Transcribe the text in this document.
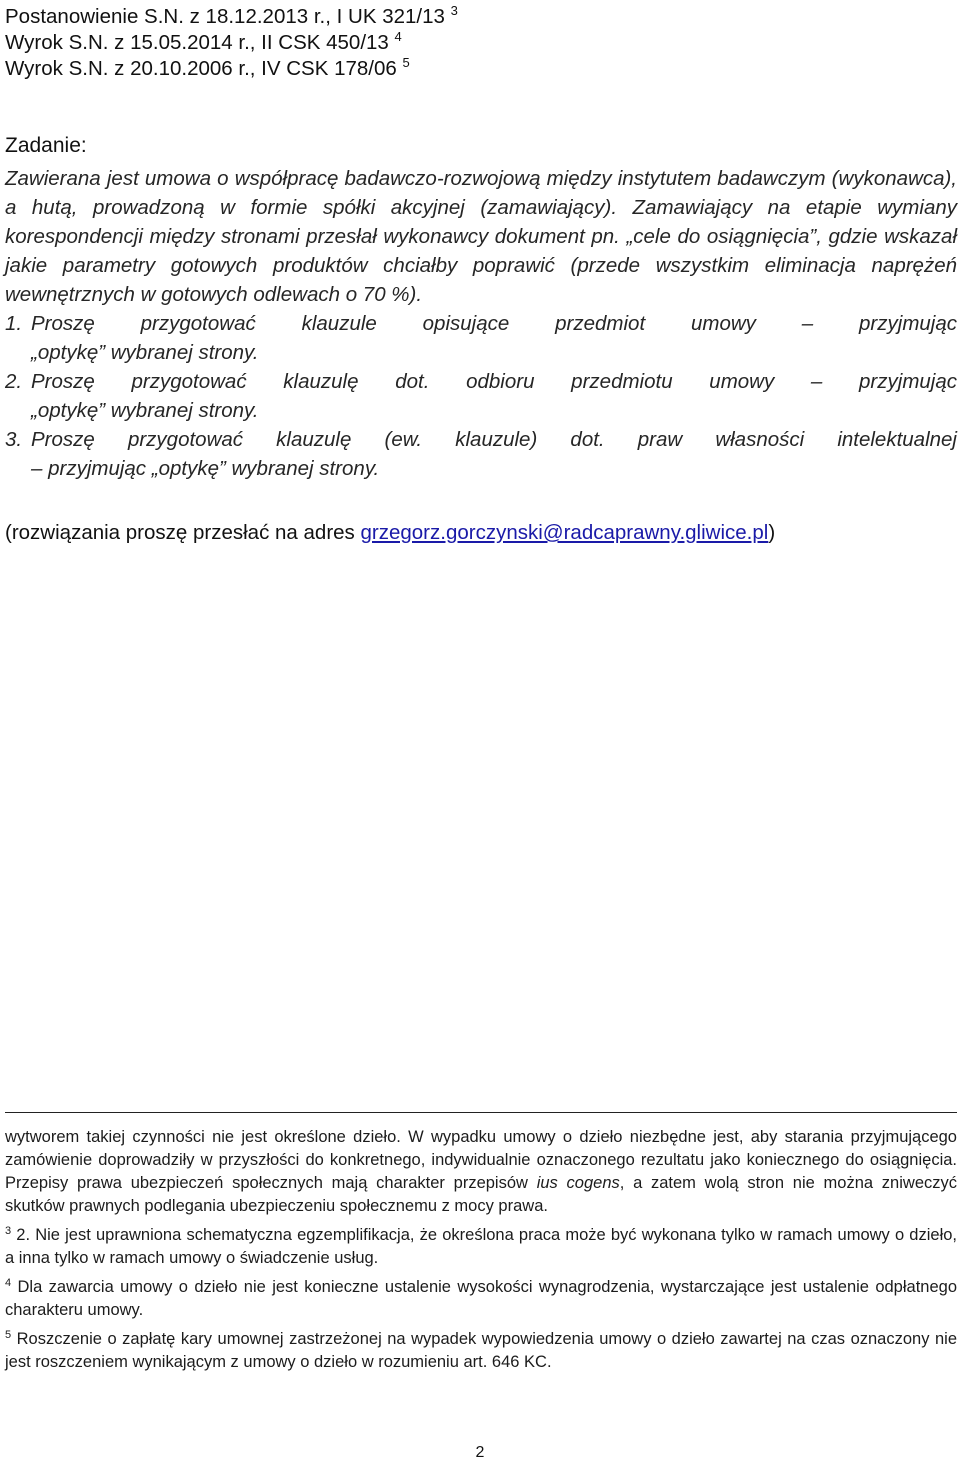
Postanowienie S.N. z 18.12.2013 r., I UK 321/13 $^3$
Wyrok S.N. z 15.05.2014 r., II CSK 450/13 $^4$
Wyrok S.N. z 20.10.2006 r., IV CSK 178/06 $^5$
Zadanie:

Zawierana jest umowa o współpracę badawczo-rozwojową między instytutem badawczym (wykonawca), a hutą, prowadzoną w formie spółki akcyjnej (zamawiający). Zamawiający na etapie wymiany korespondencji między stronami przesłał wykonawcy dokument pn. „cele do osiągnięcia”, gdzie wskazał jakie parametry gotowych produktów chciałby poprawić (przede wszystkim eliminacja naprężeń wewnętrznych w gotowych odlewach o 70 %).

1. Proszę przygotować klauzule opisujące przedmiot umowy – przyjmując
„optykę” wybranej strony.
2. Proszę przygotować klauzulę dot. odbioru przedmiotu umowy – przyjmując
„optykę” wybranej strony.
3. Proszę przygotować klauzulę (ew. klauzule) dot. praw własności intelektualnej
– przyjmując „optykę” wybranej strony.
(rozwiązania proszę przesłać na adres grzegorz.gorczynski@radcaprawny.gliwice.pl)

wytworem takiej czynności nie jest określone dzieło. W wypadku umowy o dzieło niezbędne jest, aby starania przyjmującego zamówienie doprowadziły w przyszłości do konkretnego, indywidualnie oznaczonego rezultatu jako koniecznego do osiągnięcia. Przepisy prawa ubezpieczeń społecznych mają charakter przepisów ius cogens, a zatem wolą stron nie można zniweczyć skutków prawnych podlegania ubezpieczeniu społecznemu z mocy prawa.

$^3$ 2. Nie jest uprawniona schematyczna egzemplifikacja, że określona praca może być wykonana tylko w ramach umowy o dzieło, a inna tylko w ramach umowy o świadczenie usług.

$^4$ Dla zawarcia umowy o dzieło nie jest konieczne ustalenie wysokości wynagrodzenia, wystarczające jest ustalenie odpłatnego charakteru umowy.

$^5$ Roszczenie o zapłatę kary umownej zastrzeżonej na wypadek wypowiedzenia umowy o dzieło zawartej na czas oznaczony nie jest roszczeniem wynikającym z umowy o dzieło w rozumieniu art. 646 KC.

2
